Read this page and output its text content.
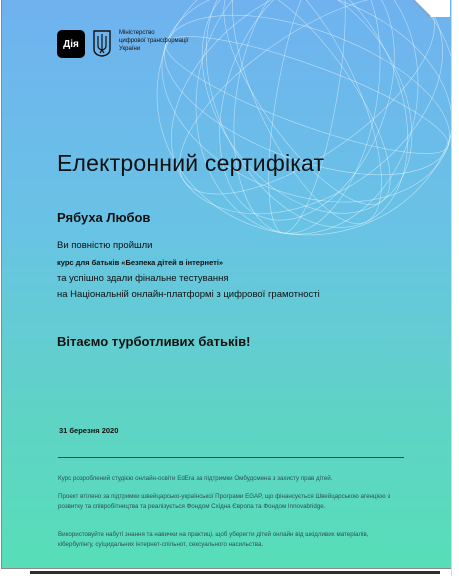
Дія
Міністерство
цифрової трансформації
України
Електронний сертифікат
Рябуха Любов
Ви повністю пройшли
курс для батьків «Безпека дітей в інтернеті»
та успішно здали фінальне тестування
на Національній онлайн-платформі з цифрової грамотності
Вітаємо турботливих батьків!
31 березня 2020
Курс розроблений студією онлайн-освіти EdEra за підтримки Омбудсмена з захисту прав дітей.
Проект втілено за підтримки швейцарсько-української Програми EGAP, що фінансується Швейцарською агенцією з розвитку та співробітництва та реалізується Фондом Східна Європа та Фондом Innovabridge.
Використовуйте набуті знання та навички на практиці, щоб уберегти дітей онлайн від шкідливих матеріалів, кібербулінгу, суїцидальних інтернет-спільнот, сексуального насильства.
